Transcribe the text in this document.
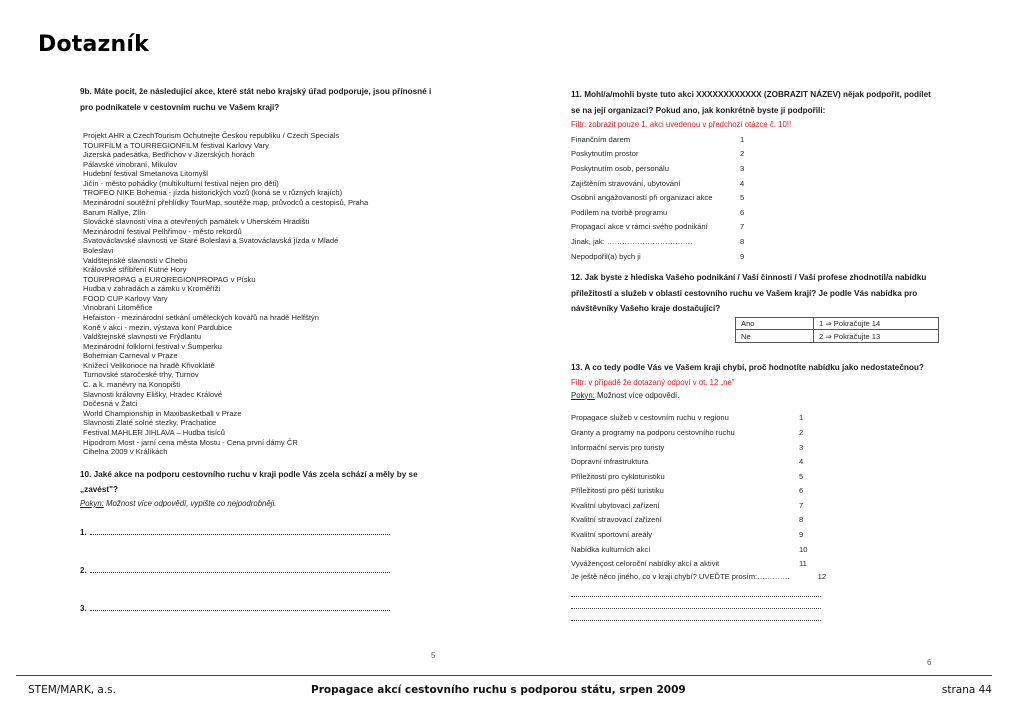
Dotazník
9b. Máte pocit, že následující akce, které stát nebo krajský úřad podporuje, jsou přínosné i pro podnikatele v cestovním ruchu ve Vašem kraji?
Projekt AHR a CzechTourism Ochutnejte Českou republiku / Czech Specials
TOURFILM a TOURREGIONFILM festival Karlovy Vary
Jizerská padesátka, Bedřichov v Jizerských horách
Pálavské vinobraní, Mikulov
Hudební festival Smetanova Litomyšl
Jičín - město pohádky (multikulturní festival nejen pro děti)
TROFEO NIKE Bohemia - jízda historických vozů (koná se v různých krajích)
Mezinárodní soutěžní přehlídky TourMap, soutěže map, průvodců a cestopisů, Praha
Barum Rallye, Zlín
Slovácké slavnosti vína a otevřených památek v Uherském Hradišti
Mezinárodní festival Pelhřimov - město rekordů
Svatováclavské slavnosti ve Staré Boleslavi a Svatováclavská jízda v Mladé
Boleslavi
Valdštejnské slavnosti v Chebu
Královské stříbření Kutné Hory
TOURPROPAG a EUROREGIONPROPAG v Písku
Hudba v zahradách a zámku v Kroměříži
FOOD CUP Karlovy Vary
Vinobraní Litoměřice
Hefaiston - mezinárodní setkání uměleckých kovářů na hradě Helfštýn
Koně v akci - mezin. výstava koní Pardubice
Valdštejnské slavnosti ve Frýdlantu
Mezinárodní folklorní festival v Šumperku
Bohemian Carneval v Praze
Knížecí Velikonoce na hradě Křivoklátě
Turnovské staročeské trhy, Turnov
C. a k. manévry na Konopišti
Slavnosti královny Elišky, Hradec Králové
Dočesná v Žatci
World Championship in Maxibasketball v Praze
Slavnosti Zlaté solné stezky, Prachatice
Festival MAHLER JIHLAVA – Hudba tisíců
Hipodrom Most - jarní cena města Mostu - Cena první dámy ČR
Cihelna 2009 v Králíkách
10. Jaké akce na podporu cestovního ruchu v kraji podle Vás zcela schází a měly by se „zavést"?
Pokyn: Možnost více odpovědí, vypište co nejpodrobněji.
1.
2.
3.
5
11. Mohl/a/mohli byste tuto akci XXXXXXXXXXXX (ZOBRAZIT NÁZEV) nějak podpořit, podílet se na její organizaci? Pokud ano, jak konkrétně byste ji podpořili:
Filtr: zobrazit pouze 1. akci uvedenou v předchozí otázce č. 10!!
Finančním darem	1
Poskytnutím prostor	2
Poskytnutím osob, personálu	3
Zajištěním stravování, ubytování	4
Osobní angažovaností při organizaci akce	5
Podílem na tvorbě programu	6
Propagací akce v rámci svého podnikání	7
Jinak, jak: …………………………….	8
Nepodpořil(a) bych ji	9
12. Jak byste z hlediska Vašeho podnikání / Vaší činnosti / Vaší profese zhodnotil/a nabídku příležitostí a služeb v oblasti cestovního ruchu ve Vašem kraji? Je podle Vás nabídka pro návštěvníky Vašeho kraje dostačující?
Ano	1 ⇒ Pokračujte 14
Ne	2 ⇒ Pokračujte 13
13. A co tedy podle Vás ve Vašem kraji chybí, proč hodnotíte nabídku jako nedostatečnou?
Filtr: v případě že dotazaný odpoví v ot. 12 „ne"
Pokyn: Možnost více odpovědí.
Propagace služeb v cestovním ruchu v regionu	1
Granty a programy na podporu cestovního ruchu	2
Informační servis pro turisty	3
Dopravní infrastruktura	4
Příležitosti pro cykloturistiku	5
Příležitosti pro pěší turistiku	6
Kvalitní ubytovací zařízení	7
Kvalitní stravovací zařízení	8
Kvalitní sportovní areály	9
Nabídka kulturních akcí	10
Vyvážençost celoroční nabídky akcí a aktivit	11
Je ještě něco jiného, co v kraji chybí? UVEĎTE prosím:………….	12
6
STEM/MARK, a.s.	Propagace akcí cestovního ruchu s podporou státu, srpen 2009	strana 44
